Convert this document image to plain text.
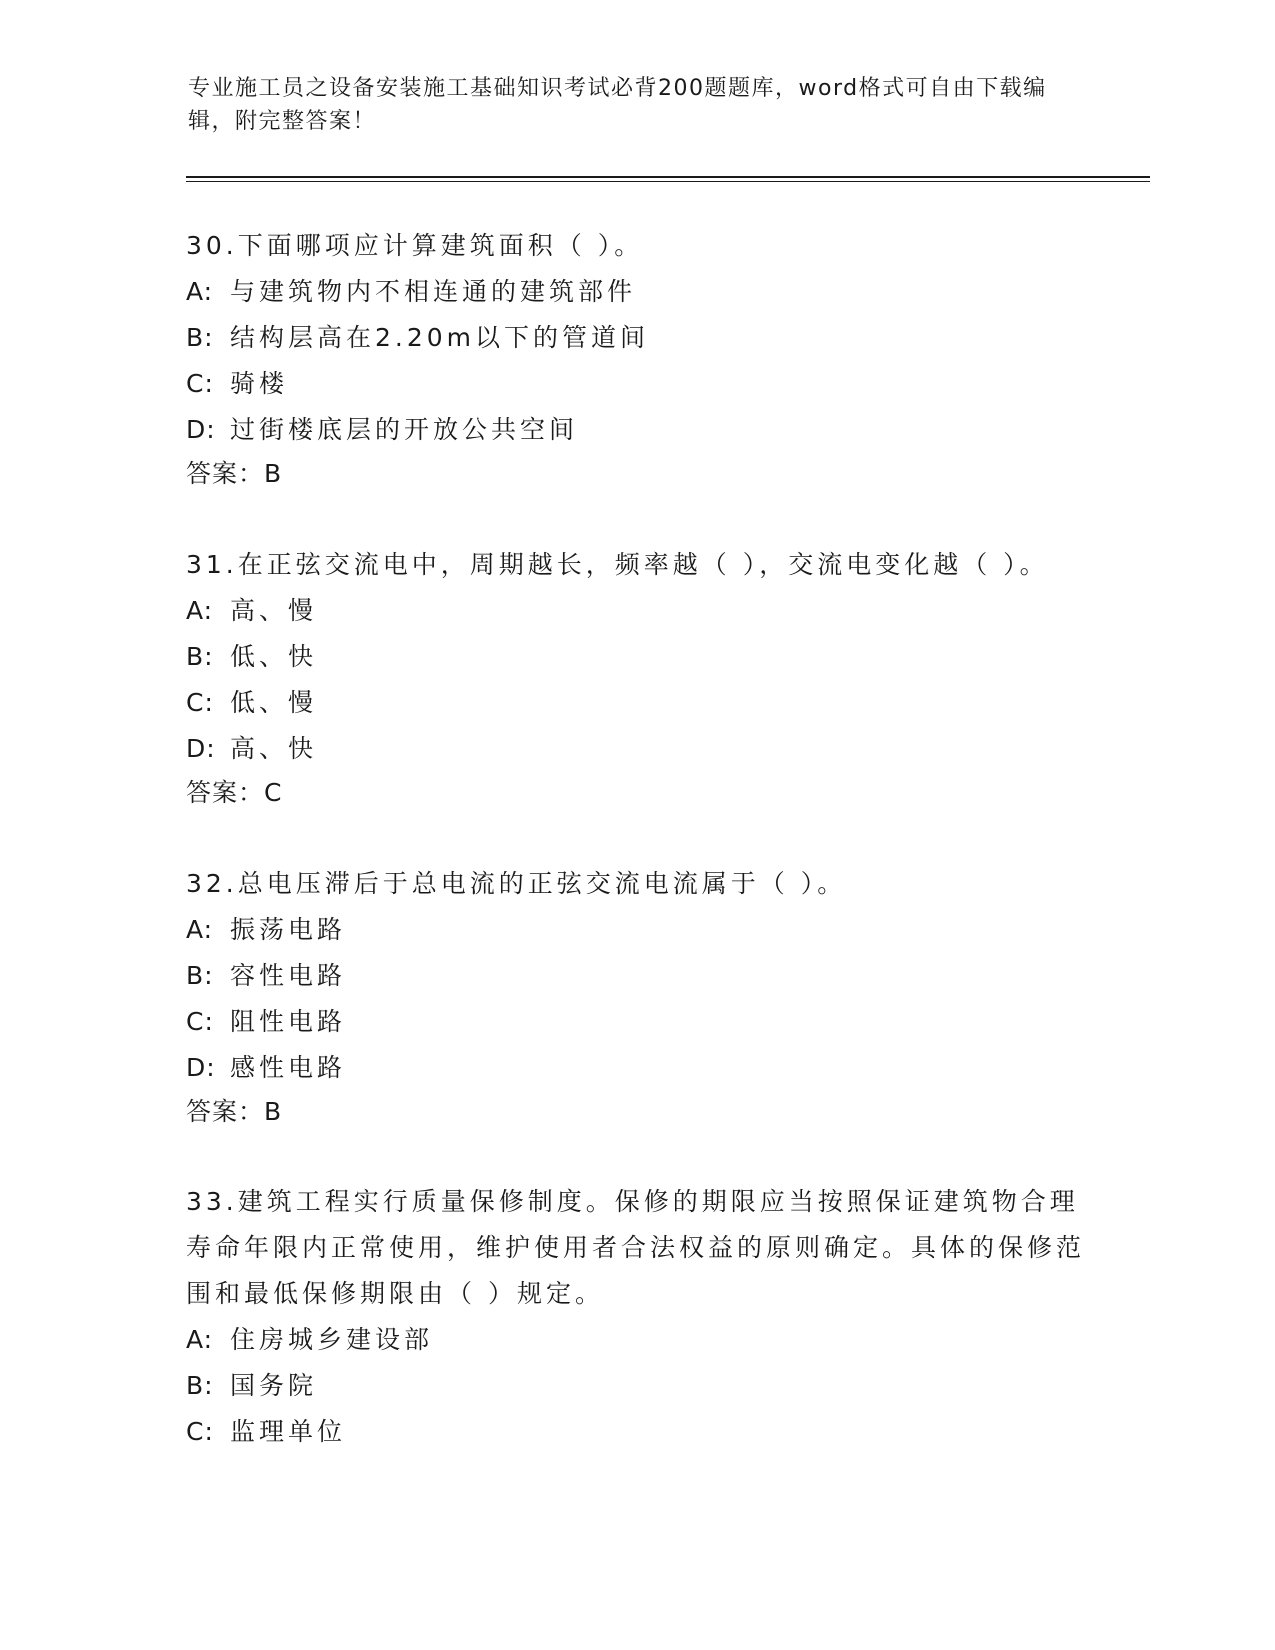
专业施工员之设备安装施工基础知识考试必背200题题库，word格式可自由下载编辑，附完整答案！
30.下面哪项应计算建筑面积（ ）。
A: 与建筑物内不相连通的建筑部件
B: 结构层高在2.20m以下的管道间
C: 骑楼
D: 过街楼底层的开放公共空间
答案：B
31.在正弦交流电中，周期越长，频率越（ ），交流电变化越（ ）。
A: 高、慢
B: 低、快
C: 低、慢
D: 高、快
答案：C
32.总电压滞后于总电流的正弦交流电流属于（ ）。
A: 振荡电路
B: 容性电路
C: 阻性电路
D: 感性电路
答案：B
33.建筑工程实行质量保修制度。保修的期限应当按照保证建筑物合理寿命年限内正常使用，维护使用者合法权益的原则确定。具体的保修范围和最低保修期限由（ ）规定。
A: 住房城乡建设部
B: 国务院
C: 监理单位
